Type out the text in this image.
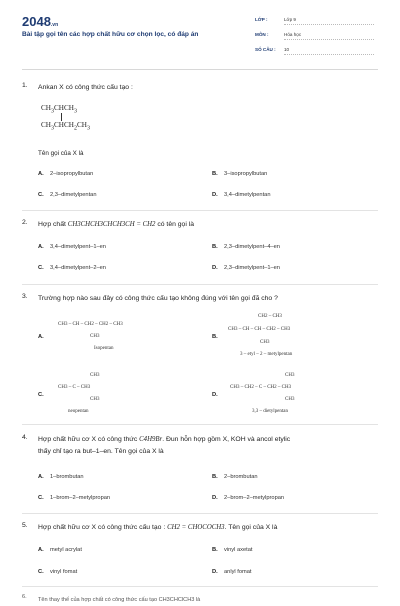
2048.vn
Bài tập gọi tên các hợp chất hữu cơ chọn lọc, có đáp án
LỚP :	Lớp 9
MÔN :	Hóa học
SỐ CÂU : 10
1. Ankan X có công thức cấu tạo :
$CH_3CHCH_3$
$CH_3CHCH_2CH_3$
Tên gọi của X là
A. 2–isopropylbutan	B. 3–isopropylbutan
C. 2,3–dimetylpentan	D. 3,4–dimetylpentan
2. Hợp chất CH3CHCH3CHCH3CH = CH2 có tên gọi là
A. 3,4–dimetylpent–1–en	B. 2,3–dimetylpent–4–en
C. 3,4–dimetylpent–2–en	D. 2,3–dimetylpent–1–en
3. Trường hợp nào sau đây có công thức cấu tạo không đúng với tên gọi đã cho ?
A.
CH3 – CH – CH2 – CH2 – CH3
CH3
Isopentan
B.
CH2 – CH3
CH3 – CH – CH – CH2 – CH3
CH3
3 – etyl – 2 – metylpentan
C.
CH3
CH3 – C – CH3
CH3
neopentan
D.
CH3
CH3 – CH2 – C – CH2 – CH3
CH3
3,3 – dietylpentan
4. Hợp chất hữu cơ X có công thức C4H9Br. Đun hỗn hợp gồm X, KOH và ancol etylic
thấy chỉ tạo ra but–1–en. Tên gọi của X là
A. 1–brombutan	B. 2–brombutan
C. 1–brom–2–metylpropan	D. 2–brom–2–metylpropan
5. Hợp chất hữu cơ X có công thức cấu tạo : CH2 = CHOCOCH3. Tên gọi của X là
A. metyl acrylat	B. vinyl axetat
C. vinyl fomat	D. anlyl fomat
6. Tên thay thế của hợp chất có công thức cấu tạo CH3CHClCH3 là
